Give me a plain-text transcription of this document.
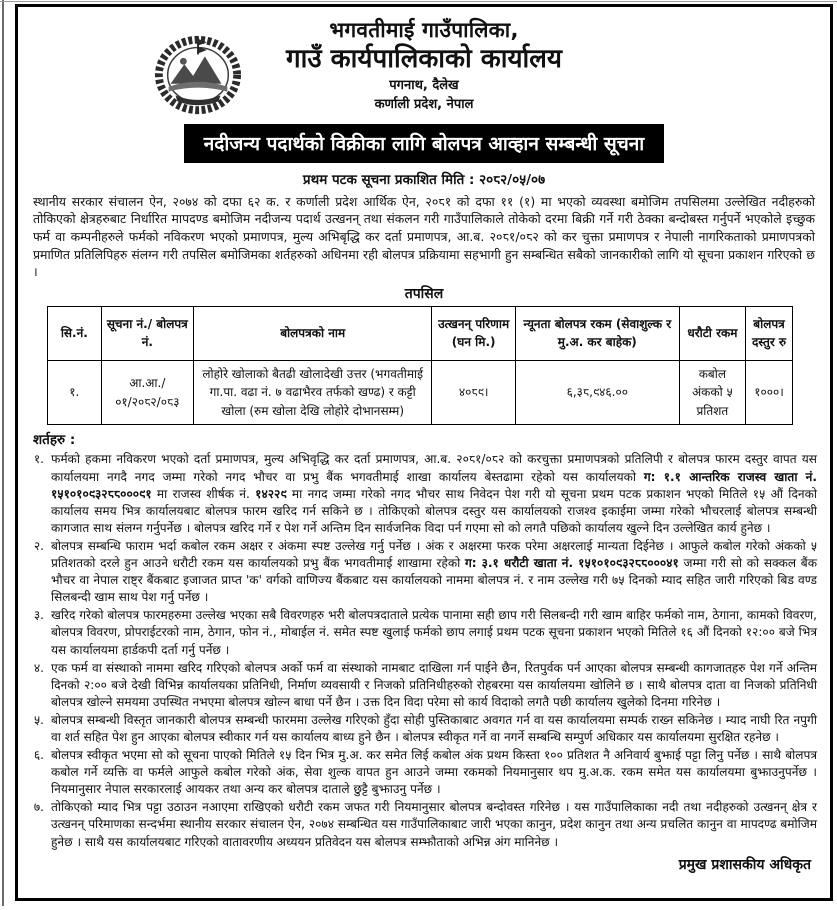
भगवतीमाई गाउँपालिका,
गाउँ कार्यपालिकाको कार्यालय
पगनाथ, दैलेख
कर्णाली प्रदेश, नेपाल
नदीजन्य पदार्थको विक्रीका लागि बोलपत्र आव्हान सम्बन्धी सूचना
प्रथम पटक सूचना प्रकाशित मिति : २०८२/०५/०७
स्थानीय सरकार संचालन ऐन, २०७४ को दफा ६२ क. र कर्णाली प्रदेश आर्थिक ऐन, २०८१ को दफा ११ (१) मा भएको व्यवस्था बमोजिम तपसिलमा उल्लेखित नदीहरुको तोकिएको क्षेत्रहरुबाट निर्धारित मापदण्ड बमोजिम नदीजन्य पदार्थ उत्खनन् तथा संकलन गरी गाउँपालिकाले तोकेको दरमा बिक्री गर्ने गरी ठेक्का बन्दोबस्त गर्नुपर्ने भएकोले इच्छुक फर्म वा कम्पनीहरुले फर्मको नविकरण भएको प्रमाणपत्र, मुल्य अभिबृद्धि कर दर्ता प्रमाणपत्र, आ.ब. २०८१/०८२ को कर चुक्ता प्रमाणपत्र र नेपाली नागरिकताको प्रमाणपत्रको प्रमाणित प्रतिलिपिहरु संलग्न गरी तपसिल बमोजिमका शर्तहरुको अधिनमा रही बोलपत्र प्रक्रियामा सहभागी हुन सम्बन्धित सबैको जानकारीको लागि यो सूचना प्रकाशन गरिएको छ ।
तपसिल
सि.नं.	सूचना नं./ बोलपत्र नं.	बोलपत्रको नाम	उत्खनन् परिणाम (घन मि.)	न्यूनता बोलपत्र रकम (सेवाशुल्क र मु.अ. कर बाहेक)	धरौटी रकम	बोलपत्र दस्तुर रु
१.	आ.आ./०१/२०८२/०८३	लोहोरे खोलाको बैतढी खोलादेखी उत्तर (भगवतीमाई गा.पा. वढा नं. ७ वढाभैरव तर्फको खण्ढ) र कट्टी खोला (रुम खोला देखि लोहोरे दोभानसम्म)	४०८९।	६,३८,९४६.००	कबोल अंकको ५ प्रतिशत	१०००।
शर्तहरु :
१. फर्मको हकमा नविकरण भएको दर्ता प्रमाणपत्र, मुल्य अभिवृद्धि कर दर्ता प्रमाणपत्र, आ.ब. २०८१/०८२ को करचुक्ता प्रमाणपत्रको प्रतिलिपी र बोलपत्र फारम दस्तुर वापत यस कार्यालयमा नगदै नगद जम्मा गरेको नगद भौचर वा प्रभु बैंक भगवतीमाई शाखा कार्यालय बेस्तढामा रहेको यस कार्यालयको ग: १.१ आन्तरिक राजस्व खाता नं. १५१०१०९३२८८०००९१ मा राजस्व शीर्षक नं. १४२२९ मा नगद जम्मा गरेको नगद भौचर साथ निवेदन पेश गरी यो सूचना प्रथम पटक प्रकाशन भएको मितिले १५ औं दिनको कार्यालय समय भित्र कार्यालयबाट बोलपत्र फारम खरिद गर्न सकिने छ । तोकिएको बोलपत्र दस्तुर यस कार्यालयको राजश्व इकाईमा जम्मा गरेको भौचरलाई बोलपत्र सम्बन्धी कागजात साथ संलग्न गर्नुपर्नेछ । बोलपत्र खरिद गर्ने र पेश गर्ने अन्तिम दिन सार्वजनिक विदा पर्न गएमा सो को लगतै पछिको कार्यालय खुल्ने दिन उल्लेखित कार्य हुनेछ ।
२. बोलपत्र सम्बन्धि फाराम भर्दा कबोल रकम अक्षर र अंकमा स्पष्ट उल्लेख गर्नु पर्नेछ । अंक र अक्षरमा फरक परेमा अक्षरलाई मान्यता दिईनेछ । आफुले कबोल गरेको अंकको ५ प्रतिशतको दरले हुन आउने धरौटी रकम यस कार्यालयको प्रभु बैंक भगवतीमाई शाखामा रहेको ग: ३.१ धरौटी खाता नं. १५१०१०९३२८८०००४१ जम्मा गरी सो को सक्कल बैंक भौचर वा नेपाल राष्ट्र बैंकबाट इजाजत प्राप्त 'क' वर्गको वाणिज्य बैंकबाट यस कार्यालयको नाममा बोलपत्र नं. र नाम उल्लेख गरी ७५ दिनको म्याद सहित जारी गरिएको बिड वण्ड सिलबन्दी खाम साथ पेश गर्नु पर्नेछ ।
३. खरिद गरेको बोलपत्र फारमहरुमा उल्लेख भएका सबै विवरणहरु भरी बोलपत्रदाताले प्रत्येक पानामा सही छाप गरी सिलबन्दी गरी खाम बाहिर फर्मको नाम, ठेगाना, कामको विवरण, बोलपत्र विवरण, प्रोपराईटरको नाम, ठेगान, फोन नं., मोबाईल नं. समेत स्पष्ट खुलाई फर्मको छाप लगाई प्रथम पटक सूचना प्रकाशन भएको मितिले १६ औं दिनको १२:०० बजे भित्र यस कार्यालयमा हार्डकपी दर्ता गर्नु पर्नेछ ।
४. एक फर्म वा संस्थाको नाममा खरिद गरिएको बोलपत्र अर्को फर्म वा संस्थाको नामबाट दाखिला गर्न पाईने छैन, रितपुर्वक पर्न आएका बोलपत्र सम्बन्धी कागजातहरु पेश गर्ने अन्तिम दिनको २:०० बजे देखी विभिन्न कार्यालयका प्रतिनिधी, निर्माण व्यवसायी र निजको प्रतिनिधीहरुको रोहबरमा यस कार्यालयमा खोलिने छ । साथै बोलपत्र दाता वा निजको प्रतिनिधी बोलपत्र खोल्ने समयमा उपस्थित नभएमा बोलपत्र खोल्न बाधा पर्ने छैन । उक्त दिन विदा परेमा सो कार्य विदाको लगतै पछी कार्यालय खुलेको दिनमा गरिनेछ ।
५. बोलपत्र सम्बन्धी विस्तृत जानकारी बोलपत्र सम्बन्धी फारममा उल्लेख गरिएको हुँदा सोही पुस्तिकाबाट अवगत गर्न वा यस कार्यालयमा सम्पर्क राख्न सकिनेछ । म्याद नाघी रित नपुगी वा शर्त सहित पेश हुन आएका बोलपत्र स्वीकार गर्न यस कार्यालय बाध्य हुने छैन । बोलपत्र स्वीकृत गर्ने वा नगर्ने सम्बन्धि सम्पुर्ण अधिकार यस कार्यालयमा सुरक्षित रहनेछ ।
६. बोलपत्र स्वीकृत भएमा सो को सूचना पाएको मितिले १५ दिन भित्र मु.अ. कर समेत लिई कबोल अंक प्रथम किस्ता १०० प्रतिशत नै अनिवार्य बुझाई पट्टा लिनु पर्नेछ । साथै बोलपत्र कबोल गर्ने व्यक्ति वा फर्मले आफुले कबोल गरेको अंक, सेवा शुल्क वापत हुन आउने जम्मा रकमको नियमानुसार थप मु.अ.क. रकम समेत यस कार्यालयमा बुझाउनुपर्नेछ । नियमानुसार नेपाल सरकारलाई आयकर तथा अन्य कर बोलपत्र दाताले छुट्टै बुझाउनु पर्नेछ ।
७. तोकिएको म्याद भित्र पट्टा उठाउन नआएमा राखिएको धरौटी रकम जफत गरी नियमानुसार बोलपत्र बन्दोवस्त गरिनेछ । यस गाउँपालिकाका नदी तथा नदीहरुको उत्खनन् क्षेत्र र उत्खनन् परिमाणका सन्दर्भमा स्थानीय सरकार संचालन ऐन, २०७४ सम्बन्धित यस गाउँपालिकाबाट जारी भएका कानुन, प्रदेश कानुन तथा अन्य प्रचलित कानुन वा मापदण्ढ बमोजिम हुनेछ । साथै यस कार्यालयबाट गरिएको वातावरणीय अध्ययन प्रतिवेदन यस बोलपत्र सम्झौताको अभिन्न अंग मानिनेछ ।
प्रमुख प्रशासकीय अधिकृत
